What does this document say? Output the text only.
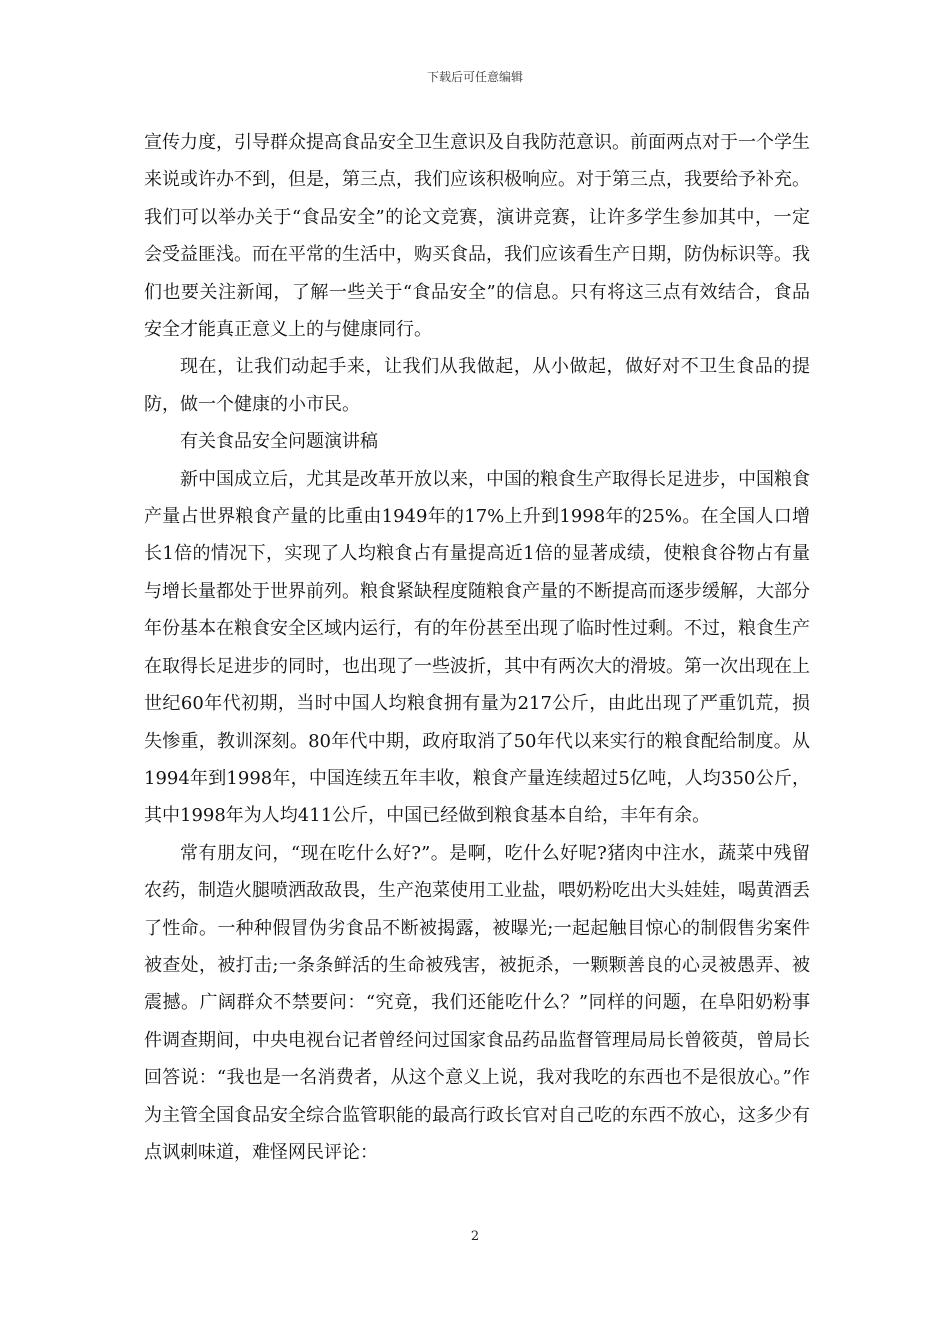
下载后可任意编辑

宣传力度，引导群众提高食品安全卫生意识及自我防范意识。前面两点对于一个学生来说或许办不到，但是，第三点，我们应该积极响应。对于第三点，我要给予补充。我们可以举办关于“食品安全”的论文竞赛，演讲竞赛，让许多学生参加其中，一定会受益匪浅。而在平常的生活中，购买食品，我们应该看生产日期，防伪标识等。我们也要关注新闻，了解一些关于“食品安全”的信息。只有将这三点有效结合，食品安全才能真正意义上的与健康同行。

现在，让我们动起手来，让我们从我做起，从小做起，做好对不卫生食品的提防，做一个健康的小市民。

有关食品安全问题演讲稿

新中国成立后，尤其是改革开放以来，中国的粮食生产取得长足进步，中国粮食产量占世界粮食产量的比重由1949年的17%上升到1998年的25%。在全国人口增长1倍的情况下，实现了人均粮食占有量提高近1倍的显著成绩，使粮食谷物占有量与增长量都处于世界前列。粮食紧缺程度随粮食产量的不断提高而逐步缓解，大部分年份基本在粮食安全区域内运行，有的年份甚至出现了临时性过剩。不过，粮食生产在取得长足进步的同时，也出现了一些波折，其中有两次大的滑坡。第一次出现在上世纪60年代初期，当时中国人均粮食拥有量为217公斤，由此出现了严重饥荒，损失惨重，教训深刻。80年代中期，政府取消了50年代以来实行的粮食配给制度。从1994年到1998年，中国连续五年丰收，粮食产量连续超过5亿吨，人均350公斤，其中1998年为人均411公斤，中国已经做到粮食基本自给，丰年有余。

常有朋友问，“现在吃什么好?”。是啊，吃什么好呢?猪肉中注水，蔬菜中残留农药，制造火腿喷洒敌敌畏，生产泡菜使用工业盐，喂奶粉吃出大头娃娃，喝黄酒丢了性命。一种种假冒伪劣食品不断被揭露，被曝光;一起起触目惊心的制假售劣案件被查处，被打击;一条条鲜活的生命被残害，被扼杀，一颗颗善良的心灵被愚弄、被震撼。广阔群众不禁要问：“究竟，我们还能吃什么？”同样的问题，在阜阳奶粉事件调查期间，中央电视台记者曾经问过国家食品药品监督管理局局长曾筱萸，曾局长回答说：“我也是一名消费者，从这个意义上说，我对我吃的东西也不是很放心。”作为主管全国食品安全综合监管职能的最高行政长官对自己吃的东西不放心，这多少有点讽刺味道，难怪网民评论：

2
